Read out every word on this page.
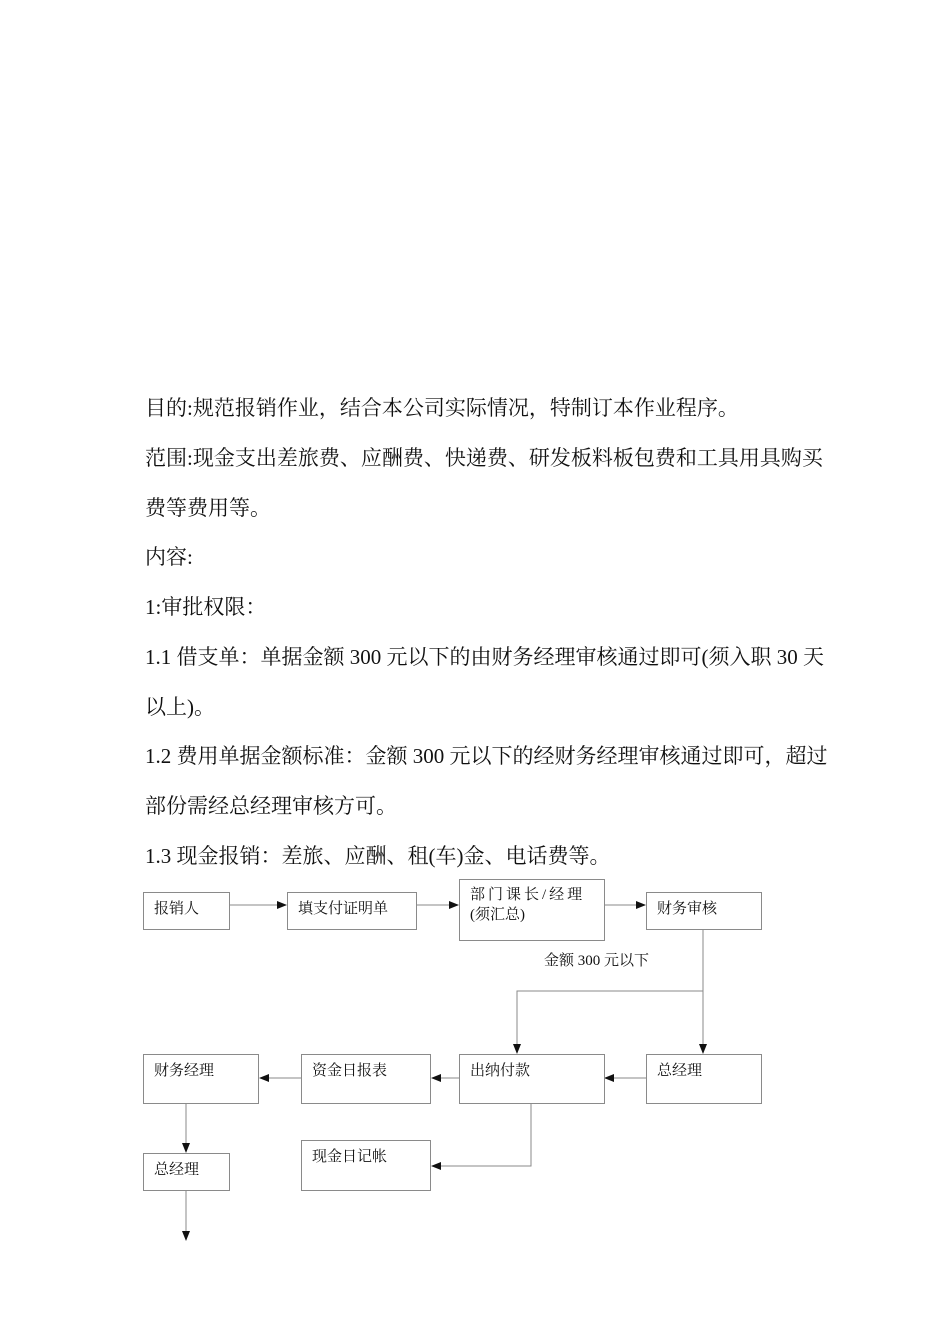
目的:规范报销作业，结合本公司实际情况，特制订本作业程序。

范围:现金支出差旅费、应酬费、快递费、研发板料板包费和工具用具购买

费等费用等。

内容:

1:审批权限：

1.1 借支单：单据金额 300 元以下的由财务经理审核通过即可(须入职 30 天

以上)。

1.2 费用单据金额标准：金额 300 元以下的经财务经理审核通过即可，超过

部份需经总经理审核方可。

1.3 现金报销：差旅、应酬、租(车)金、电话费等。

报销人	填支付证明单
部门课长/经理
(须汇总)	财务审核
金额 300 元以下
财务经理	资金日报表	出纳付款	总经理
总经理
现金日记帐
